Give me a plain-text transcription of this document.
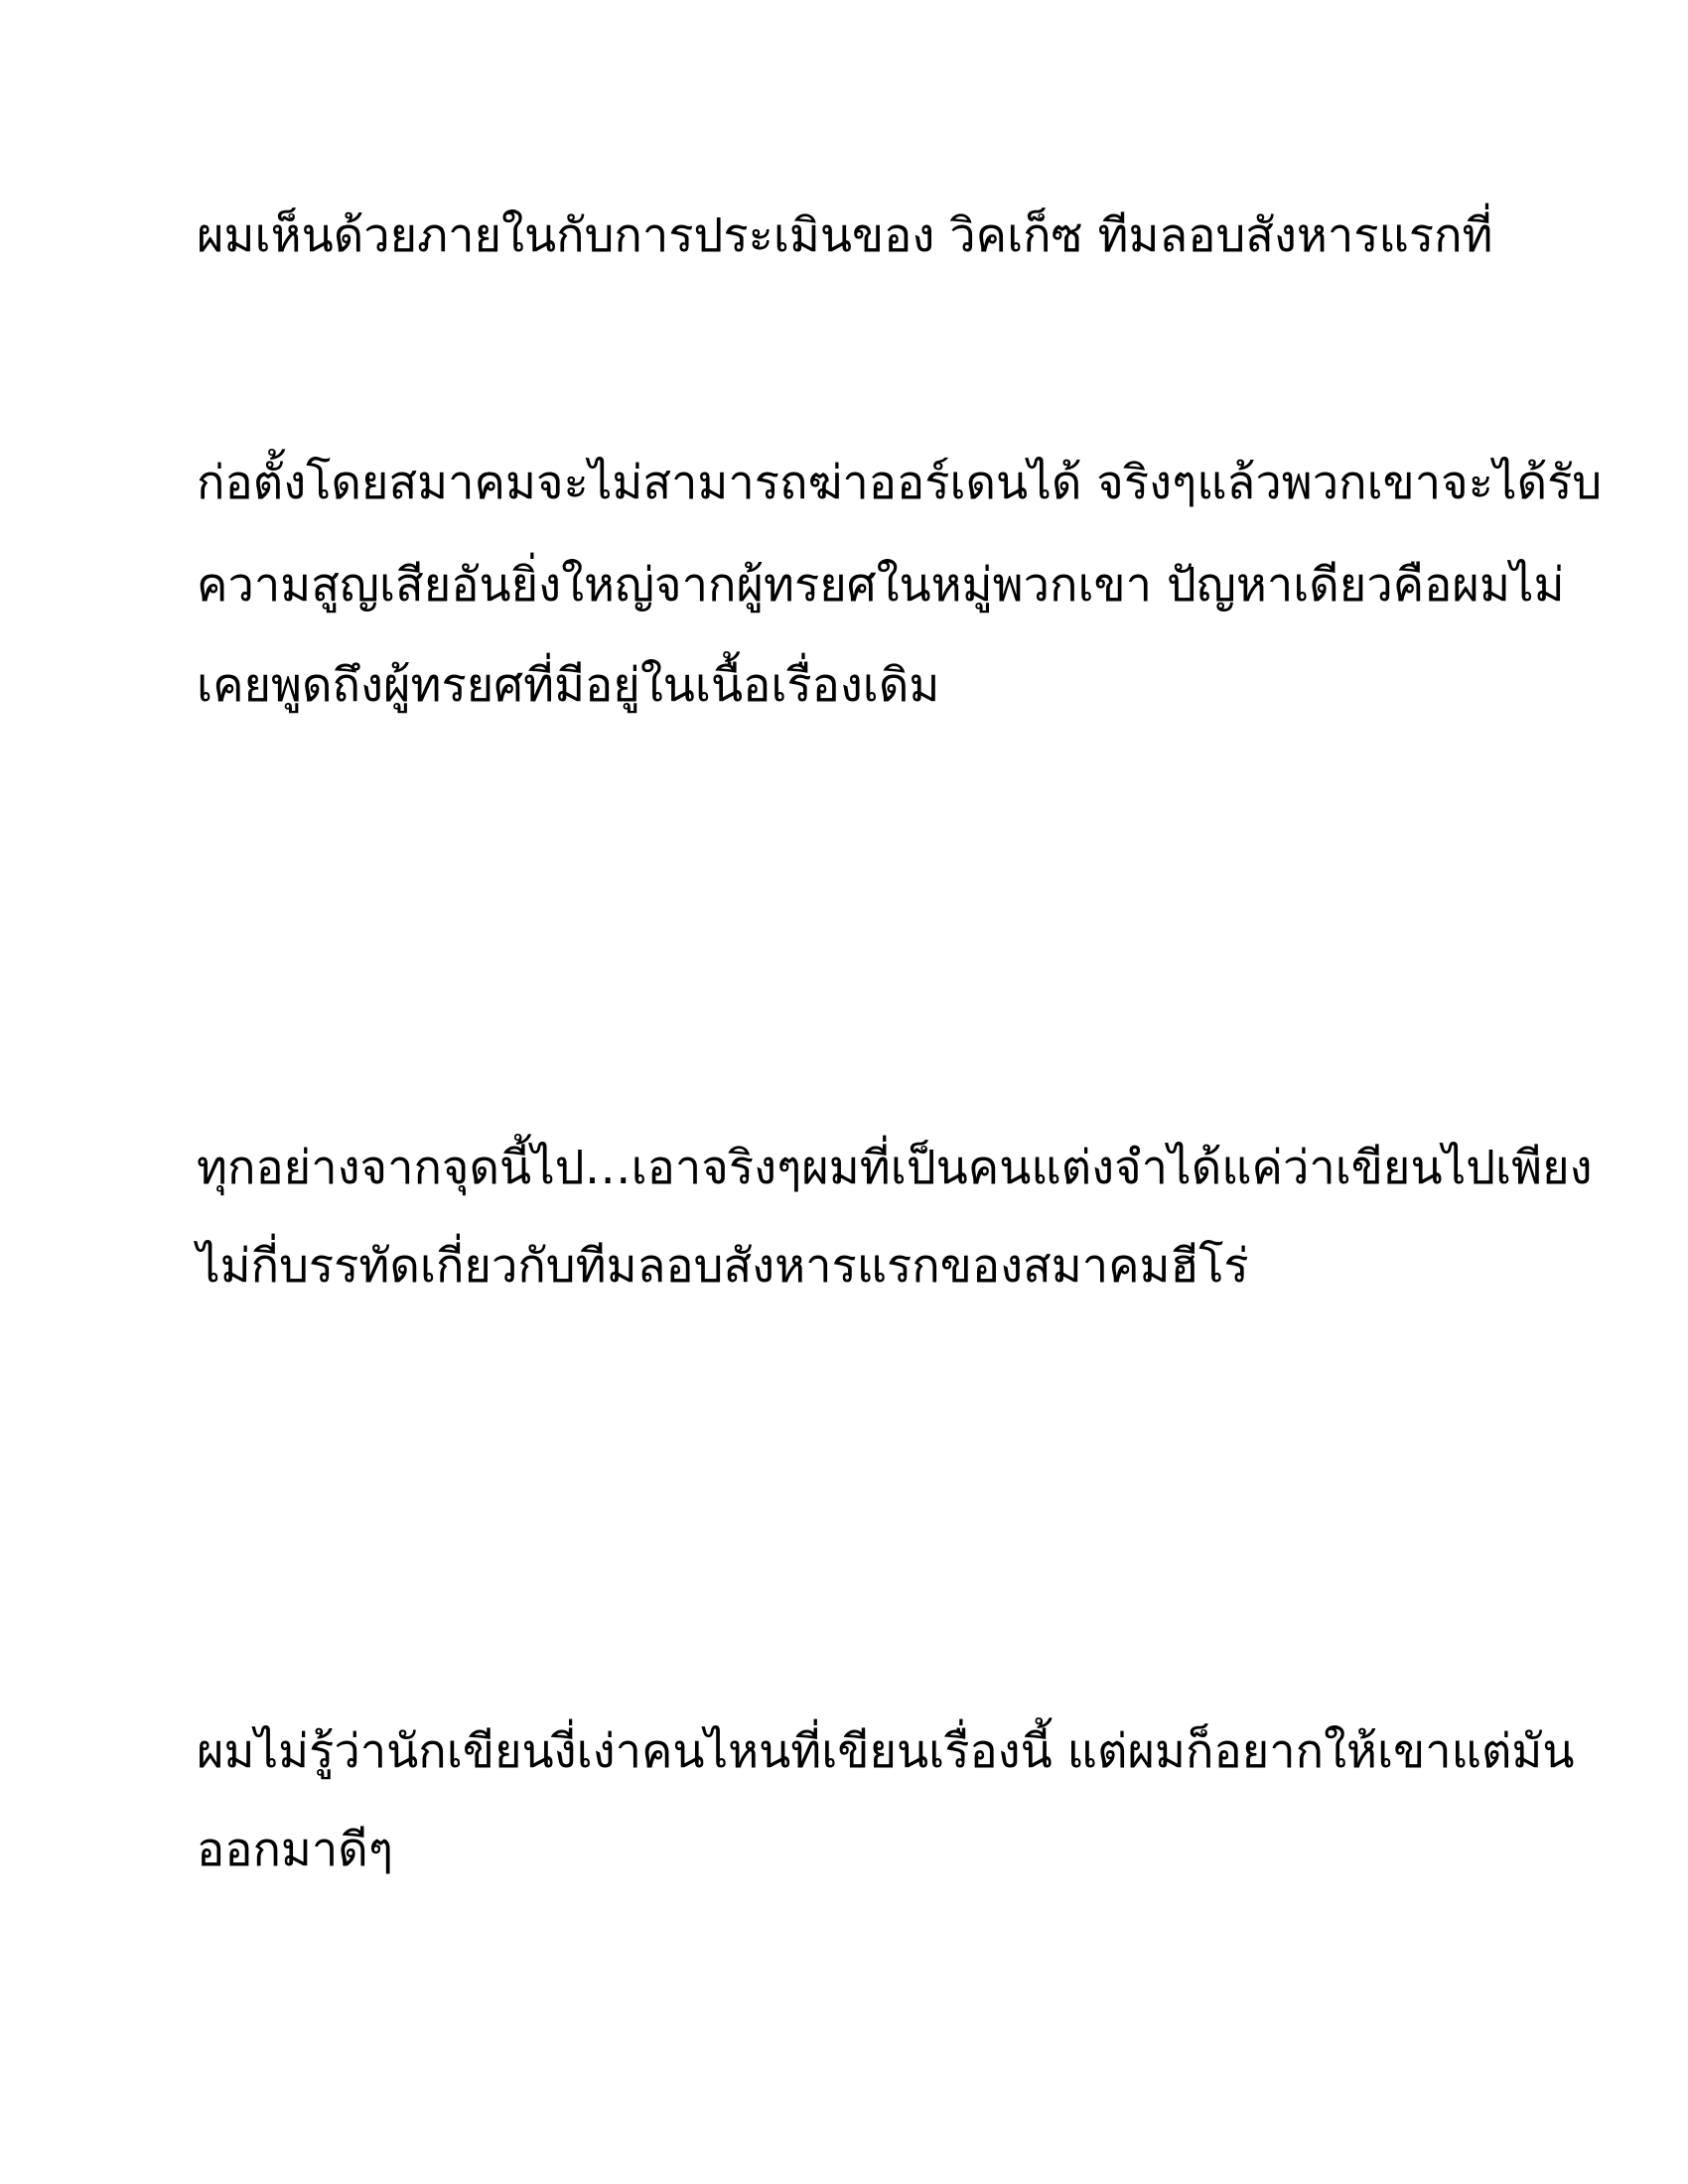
ผมเห็นด้วยภายในกับการประเมินของ วิคเก็ซ ทีมลอบสังหารแรกที่

ก่อตั้งโดยสมาคมจะไม่สามารถฆ่าออร์เดนได้ จริงๆแล้วพวกเขาจะได้รับ

ความสูญเสียอันยิ่งใหญ่จากผู้ทรยศในหมู่พวกเขา ปัญหาเดียวคือผมไม่

เคยพูดถึงผู้ทรยศที่มีอยู่ในเนื้อเรื่องเดิม

ทุกอย่างจากจุดนี้ไป…เอาจริงๆผมที่เป็นคนแต่งจำได้แค่ว่าเขียนไปเพียง

ไม่กี่บรรทัดเกี่ยวกับทีมลอบสังหารแรกของสมาคมฮีโร่

ผมไม่รู้ว่านักเขียนงี่เง่าคนไหนที่เขียนเรื่องนี้ แต่ผมก็อยากให้เขาแต่มัน

ออกมาดีๆ
